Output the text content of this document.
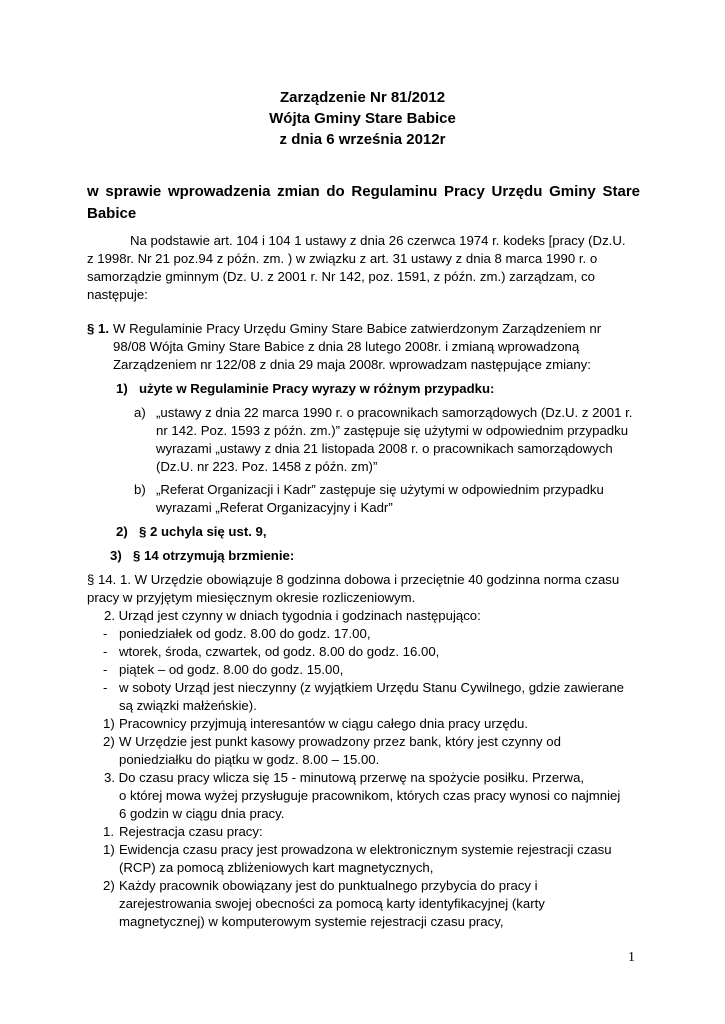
Zarządzenie Nr 81/2012
Wójta Gminy Stare Babice
z dnia 6 września 2012r
w sprawie wprowadzenia zmian do Regulaminu Pracy Urzędu Gminy Stare
Babice
Na podstawie art. 104 i 104 1 ustawy z dnia 26 czerwca 1974 r. kodeks [pracy (Dz.U.
z 1998r. Nr 21 poz.94 z późn. zm. ) w związku z art. 31 ustawy z dnia 8 marca 1990 r. o
samorządzie gminnym (Dz. U. z 2001 r. Nr 142, poz. 1591, z późn. zm.) zarządzam, co
następuje:
§ 1. W Regulaminie Pracy Urzędu Gminy Stare Babice zatwierdzonym Zarządzeniem nr
98/08 Wójta Gminy Stare Babice z dnia 28 lutego 2008r. i zmianą wprowadzoną
Zarządzeniem nr 122/08 z dnia 29 maja 2008r. wprowadzam następujące zmiany:
1) użyte w Regulaminie Pracy wyrazy w różnym przypadku:
a) „ustawy z dnia 22 marca 1990 r. o pracownikach samorządowych (Dz.U. z 2001 r.
nr 142. Poz. 1593 z późn. zm.)” zastępuje się użytymi w odpowiednim przypadku
wyrazami „ustawy z dnia 21 listopada 2008 r. o pracownikach samorządowych
(Dz.U. nr 223. Poz. 1458 z późn. zm)”
b) „Referat Organizacji i Kadr” zastępuje się użytymi w odpowiednim przypadku
wyrazami „Referat Organizacyjny i Kadr”
2) § 2 uchyla się ust. 9,
3) § 14 otrzymują brzmienie:
§ 14. 1. W Urzędzie obowiązuje 8 godzinna dobowa i przeciętnie 40 godzinna norma czasu
pracy w przyjętym miesięcznym okresie rozliczeniowym.
2. Urząd jest czynny w dniach tygodnia i godzinach następująco:
- poniedziałek od godz. 8.00 do godz. 17.00,
- wtorek, środa, czwartek, od godz. 8.00 do godz. 16.00,
- piątek – od godz. 8.00 do godz. 15.00,
- w soboty Urząd jest nieczynny (z wyjątkiem Urzędu Stanu Cywilnego, gdzie zawierane
są związki małżeńskie).
1) Pracownicy przyjmują interesantów w ciągu całego dnia pracy urzędu.
2) W Urzędzie jest punkt kasowy prowadzony przez bank, który jest czynny od
poniedziałku do piątku w godz. 8.00 – 15.00.
3. Do czasu pracy wlicza się 15 - minutową przerwę na spożycie posiłku. Przerwa,
o której mowa wyżej przysługuje pracownikom, których czas pracy wynosi co najmniej
6 godzin w ciągu dnia pracy.
1. Rejestracja czasu pracy:
1) Ewidencja czasu pracy jest prowadzona w elektronicznym systemie rejestracji czasu
(RCP) za pomocą zbliżeniowych kart magnetycznych,
2) Każdy pracownik obowiązany jest do punktualnego przybycia do pracy i
zarejestrowania swojej obecności za pomocą karty identyfikacyjnej (karty
magnetycznej) w komputerowym systemie rejestracji czasu pracy,
1
